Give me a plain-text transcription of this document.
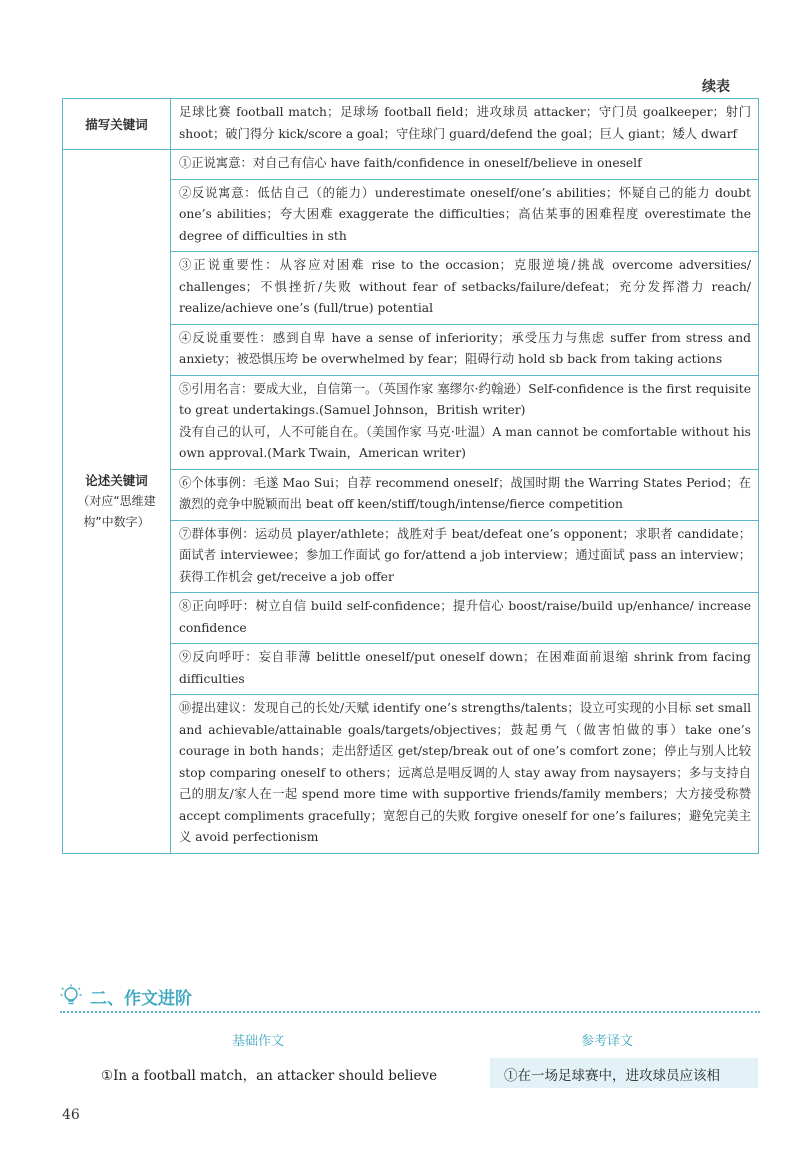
续表
描写关键词	足球比赛 football match；足球场 football field；进攻球员 attacker；守门员 goalkeeper；射门 shoot；破门得分 kick/score a goal；守住球门 guard/defend the goal；巨人 giant；矮人 dwarf
论述关键词
（对应“思维建构”中数字）	①正说寓意：对自己有信心 have faith/confidence in oneself/believe in oneself
	②反说寓意：低估自己（的能力）underestimate oneself/one’s abilities；怀疑自己的能力 doubt one’s abilities；夸大困难 exaggerate the difficulties；高估某事的困难程度 overestimate the degree of difficulties in sth
	③正说重要性：从容应对困难 rise to the occasion；克服逆境/挑战 overcome adversities/ challenges；不惧挫折/失败 without fear of setbacks/failure/defeat；充分发挥潜力 reach/ realize/achieve one’s (full/true) potential
	④反说重要性：感到自卑 have a sense of inferiority；承受压力与焦虑 suffer from stress and anxiety；被恐惧压垮 be overwhelmed by fear；阻碍行动 hold sb back from taking actions
	⑤引用名言：要成大业，自信第一。（英国作家 塞缪尔·约翰逊）Self-confidence is the first requisite to great undertakings.(Samuel Johnson，British writer)
没有自己的认可，人不可能自在。（美国作家 马克·吐温）A man cannot be comfortable without his own approval.(Mark Twain，American writer)
	⑥个体事例：毛遂 Mao Sui；自荐 recommend oneself；战国时期 the Warring States Period；在激烈的竞争中脱颖而出 beat off keen/stiff/tough/intense/fierce competition
	⑦群体事例：运动员 player/athlete；战胜对手 beat/defeat one’s opponent；求职者 candidate；面试者 interviewee；参加工作面试 go for/attend a job interview；通过面试 pass an interview；获得工作机会 get/receive a job offer
	⑧正向呼吁：树立自信 build self-confidence；提升信心 boost/raise/build up/enhance/ increase confidence
	⑨反向呼吁：妄自菲薄 belittle oneself/put oneself down；在困难面前退缩 shrink from facing difficulties
	⑩提出建议：发现自己的长处/天赋 identify one’s strengths/talents；设立可实现的小目标 set small and achievable/attainable goals/targets/objectives；鼓起勇气（做害怕做的事）take one’s courage in both hands；走出舒适区 get/step/break out of one’s comfort zone；停止与别人比较 stop comparing oneself to others；远离总是唱反调的人 stay away from naysayers；多与支持自己的朋友/家人在一起 spend more time with supportive friends/family members；大方接受称赞 accept compliments gracefully；宽恕自己的失败 forgive oneself for one’s failures；避免完美主义 avoid perfectionism
二、作文进阶
基础作文	参考译文
①In a football match，an attacker should believe	①在一场足球赛中，进攻球员应该相
46
